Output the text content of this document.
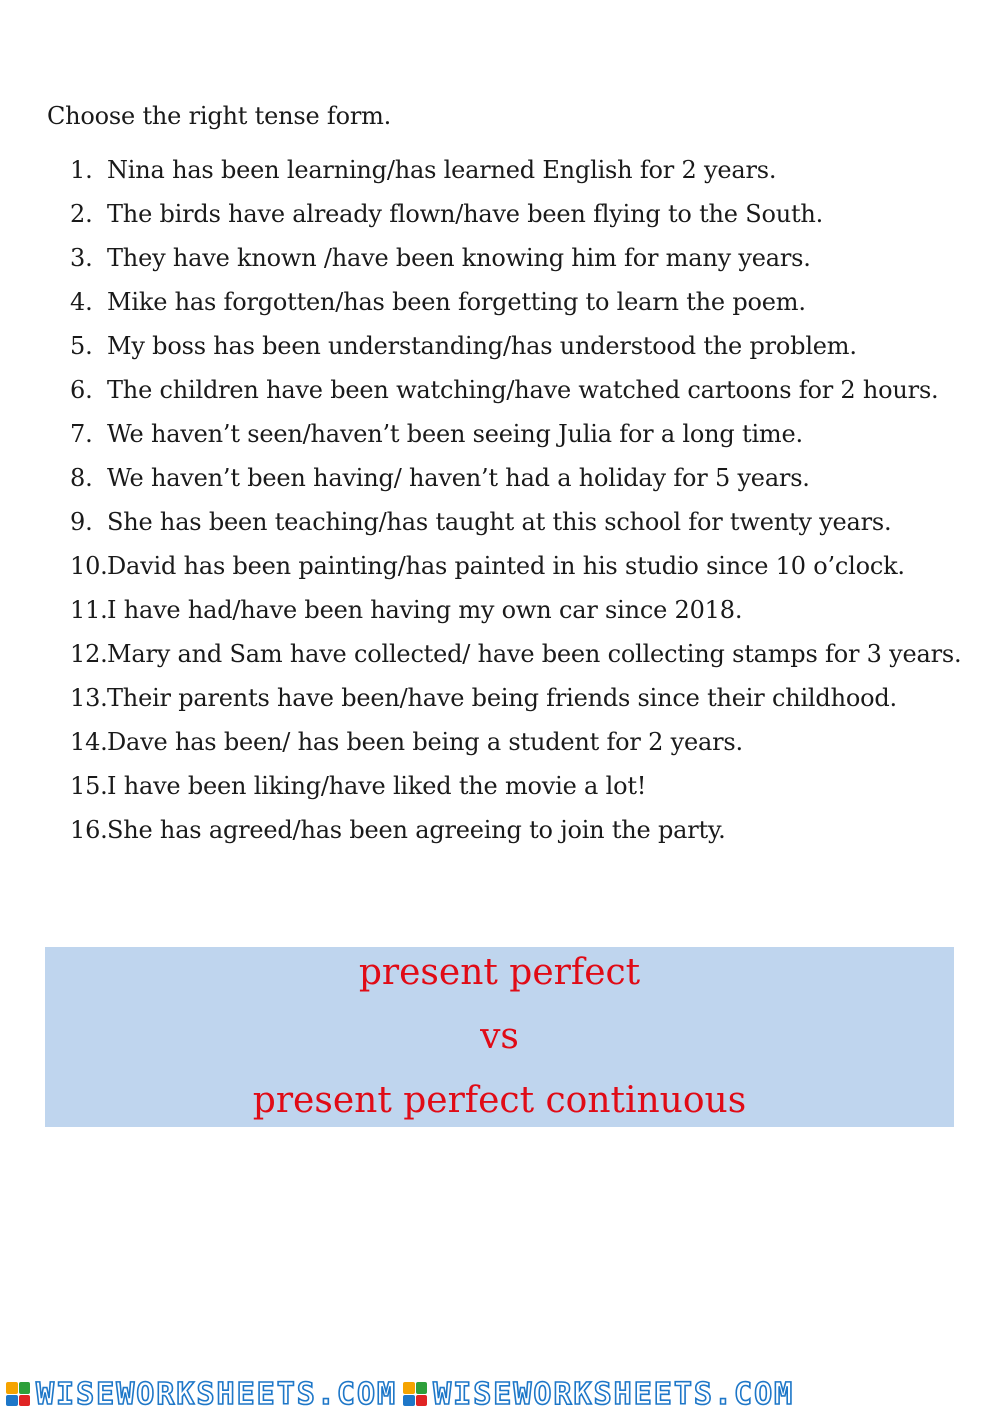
Choose the right tense form.
1. Nina has been learning/has learned English for 2 years.
2. The birds have already flown/have been flying to the South.
3. They have known /have been knowing him for many years.
4. Mike has forgotten/has been forgetting to learn the poem.
5. My boss has been understanding/has understood the problem.
6. The children have been watching/have watched cartoons for 2 hours.
7. We haven’t seen/haven’t been seeing Julia for a long time.
8. We haven’t been having/ haven’t had a holiday for 5 years.
9. She has been teaching/has taught at this school for twenty years.
10. David has been painting/has painted in his studio since 10 o’clock.
11. I have had/have been having my own car since 2018.
12. Mary and Sam have collected/ have been collecting stamps for 3 years.
13. Their parents have been/have being friends since their childhood.
14. Dave has been/ has been being a student for 2 years.
15. I have been liking/have liked the movie a lot!
16. She has agreed/has been agreeing to join the party.
present perfect
vs
present perfect continuous
WISEWORKSHEETS.COM WISEWORKSHEETS.COM
